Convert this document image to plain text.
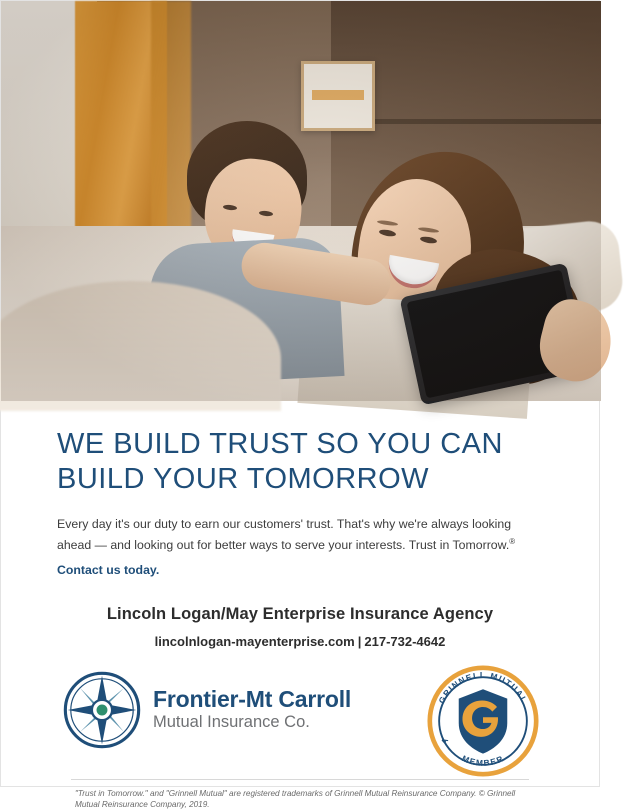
WE BUILD TRUST SO YOU CAN
BUILD YOUR TOMORROW

Every day it's our duty to earn our customers' trust. That's why we're always looking ahead — and looking out for better ways to serve your interests. Trust in Tomorrow.®

Contact us today.
Lincoln Logan/May Enterprise Insurance Agency
lincolnlogan-mayenterprise.com | 217-732-4642
Frontier-Mt Carroll
Mutual Insurance Co.
GRINNELL MUTUAL
MEMBER
A
"Trust in Tomorrow." and "Grinnell Mutual" are registered trademarks of Grinnell Mutual Reinsurance Company. © Grinnell Mutual Reinsurance Company, 2019.
